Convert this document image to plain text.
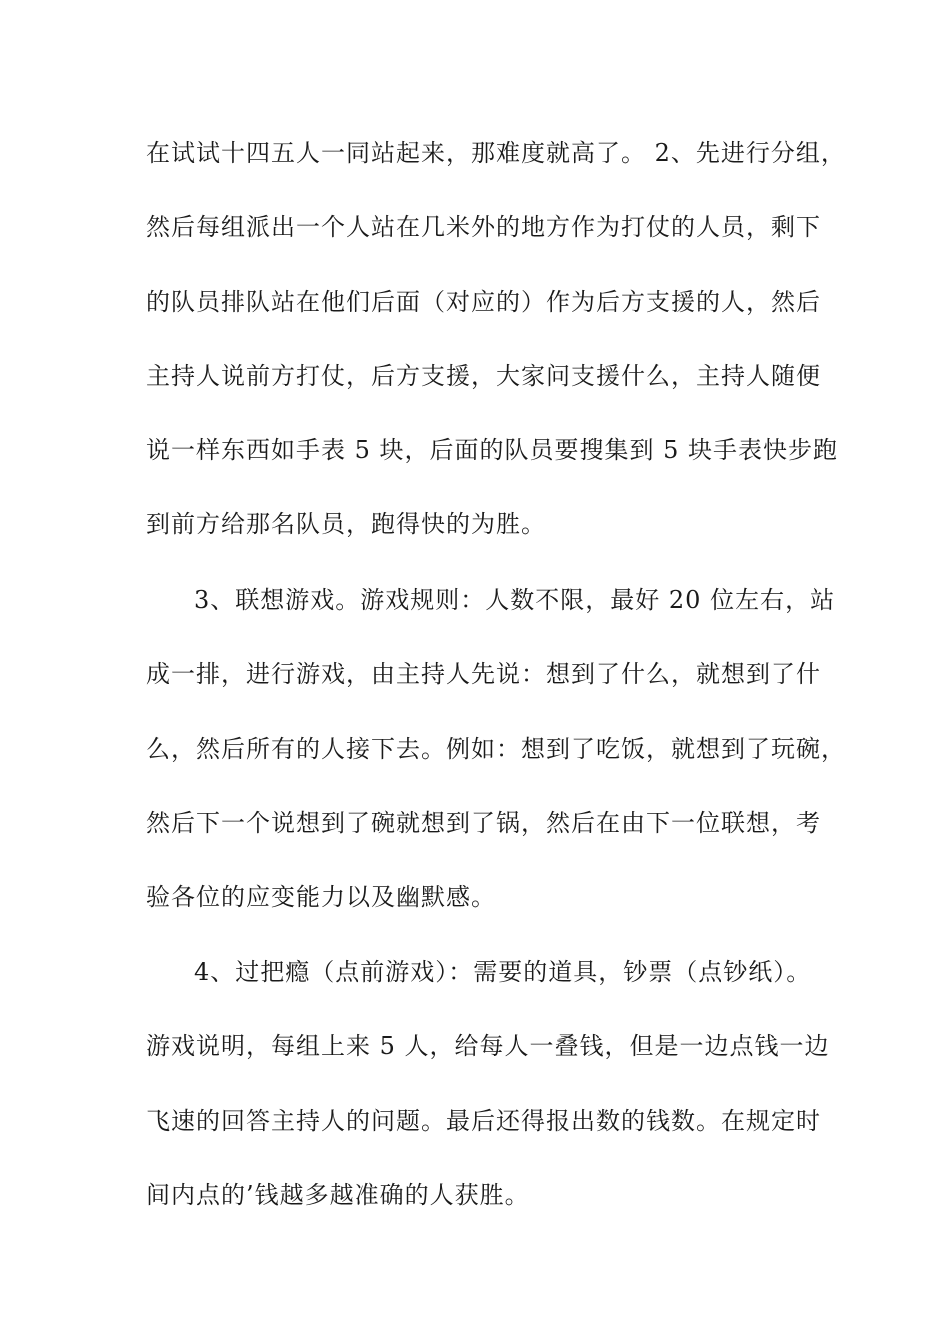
在试试十四五人一同站起来，那难度就高了。 2、先进行分组，
然后每组派出一个人站在几米外的地方作为打仗的人员，剩下
的队员排队站在他们后面（对应的）作为后方支援的人，然后
主持人说前方打仗，后方支援，大家问支援什么，主持人随便
说一样东西如手表 5 块，后面的队员要搜集到 5 块手表快步跑
到前方给那名队员，跑得快的为胜。
3、联想游戏。游戏规则：人数不限，最好 20 位左右，站
成一排，进行游戏，由主持人先说：想到了什么，就想到了什
么，然后所有的人接下去。例如：想到了吃饭，就想到了玩碗，
然后下一个说想到了碗就想到了锅，然后在由下一位联想，考
验各位的应变能力以及幽默感。
4、过把瘾（点前游戏）：需要的道具，钞票（点钞纸）。
游戏说明，每组上来 5 人，给每人一叠钱，但是一边点钱一边
飞速的回答主持人的问题。最后还得报出数的钱数。在规定时
间内点的’钱越多越准确的人获胜。
